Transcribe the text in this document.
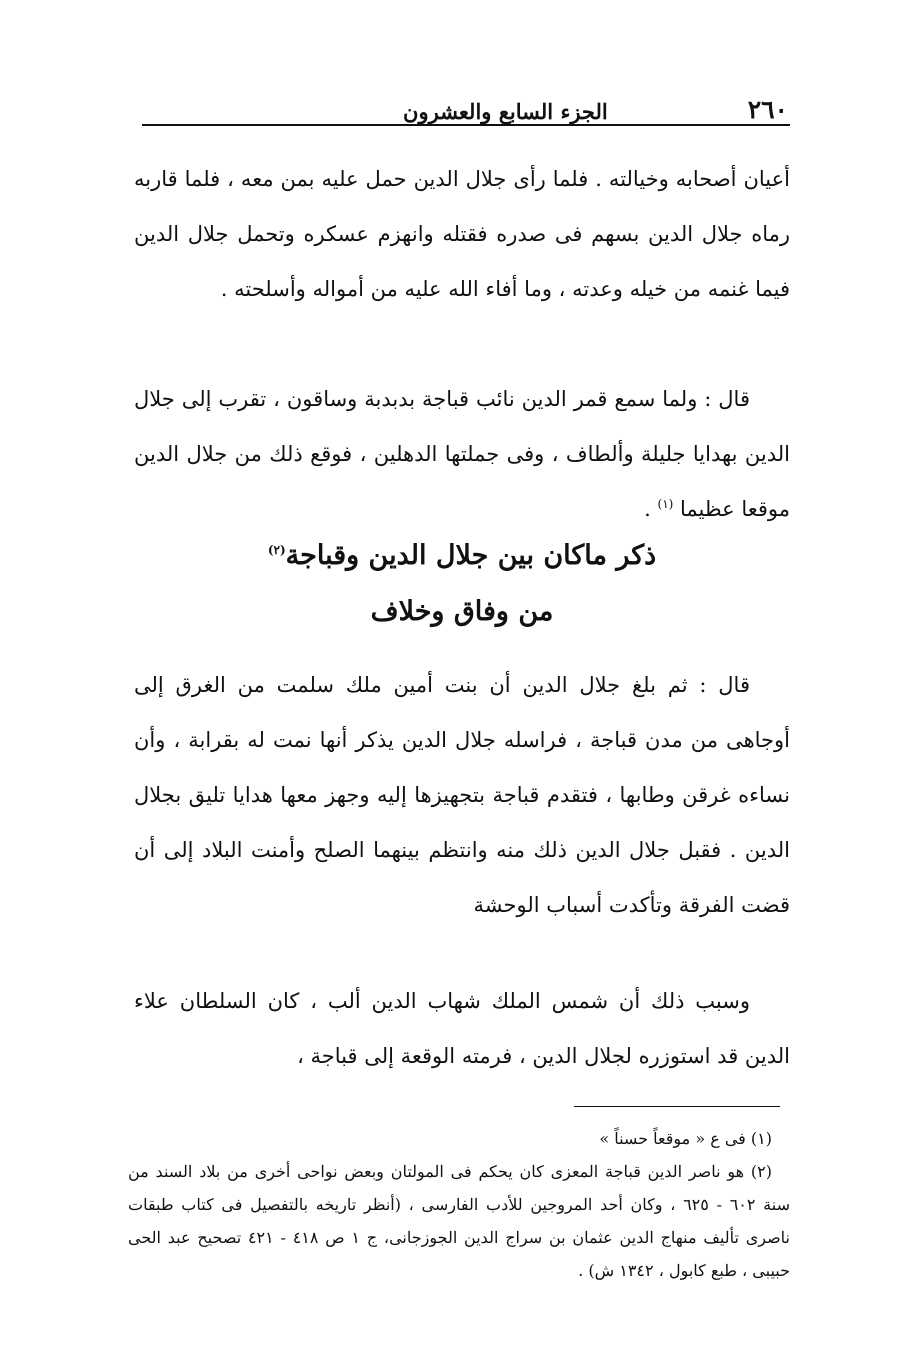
٢٦٠
الجزء السابع والعشرون

أعيان أصحابه وخيالته . فلما رأى جلال الدين حمل عليه بمن معه ، فلما قاربه رماه جلال الدين بسهم فى صدره فقتله وانهزم عسكره وتحمل جلال الدين فيما غنمه من خيله وعدته ، وما أفاء الله عليه من أمواله وأسلحته .

قال : ولما سمع قمر الدين نائب قباجة بدبدبة وساقون ، تقرب إلى جلال الدين بهدايا جليلة وألطاف ، وفى جملتها الدهلين ، فوقع ذلك من جلال الدين موقعا عظيما $^{(١)}$ .

ذكر ماكان بين جلال الدين وقباجة$^{(٢)}$
من وفاق وخلاف

قال : ثم بلغ جلال الدين أن بنت أمين ملك سلمت من الغرق إلى أوجاهى من مدن قباجة ، فراسله جلال الدين يذكر أنها نمت له بقرابة ، وأن نساءه غرقن وطابها ، فتقدم قباجة بتجهيزها إليه وجهز معها هدايا تليق بجلال الدين . فقبل جلال الدين ذلك منه وانتظم بينهما الصلح وأمنت البلاد إلى أن قضت الفرقة وتأكدت أسباب الوحشة

وسبب ذلك أن شمس الملك شهاب الدين ألب ، كان السلطان علاء الدين قد استوزره لجلال الدين ، فرمته الوقعة إلى قباجة ،

(١) فى ع « موقعاً حسناً »

(٢) هو ناصر الدين قباجة المعزى كان يحكم فى المولتان وبعض نواحى أخرى من بلاد السند من سنة ٦٠٢ - ٦٢٥ ، وكان أحد المروجين للأدب الفارسى ، (أنظر تاريخه بالتفصيل فى كتاب طبقات ناصرى تأليف منهاج الدين عثمان بن سراج الدين الجوزجانى، ج ١ ص ٤١٨ - ٤٢١ تصحيح عبد الحى حبيبى ، طبع كابول ، ١٣٤٢ ش) .
